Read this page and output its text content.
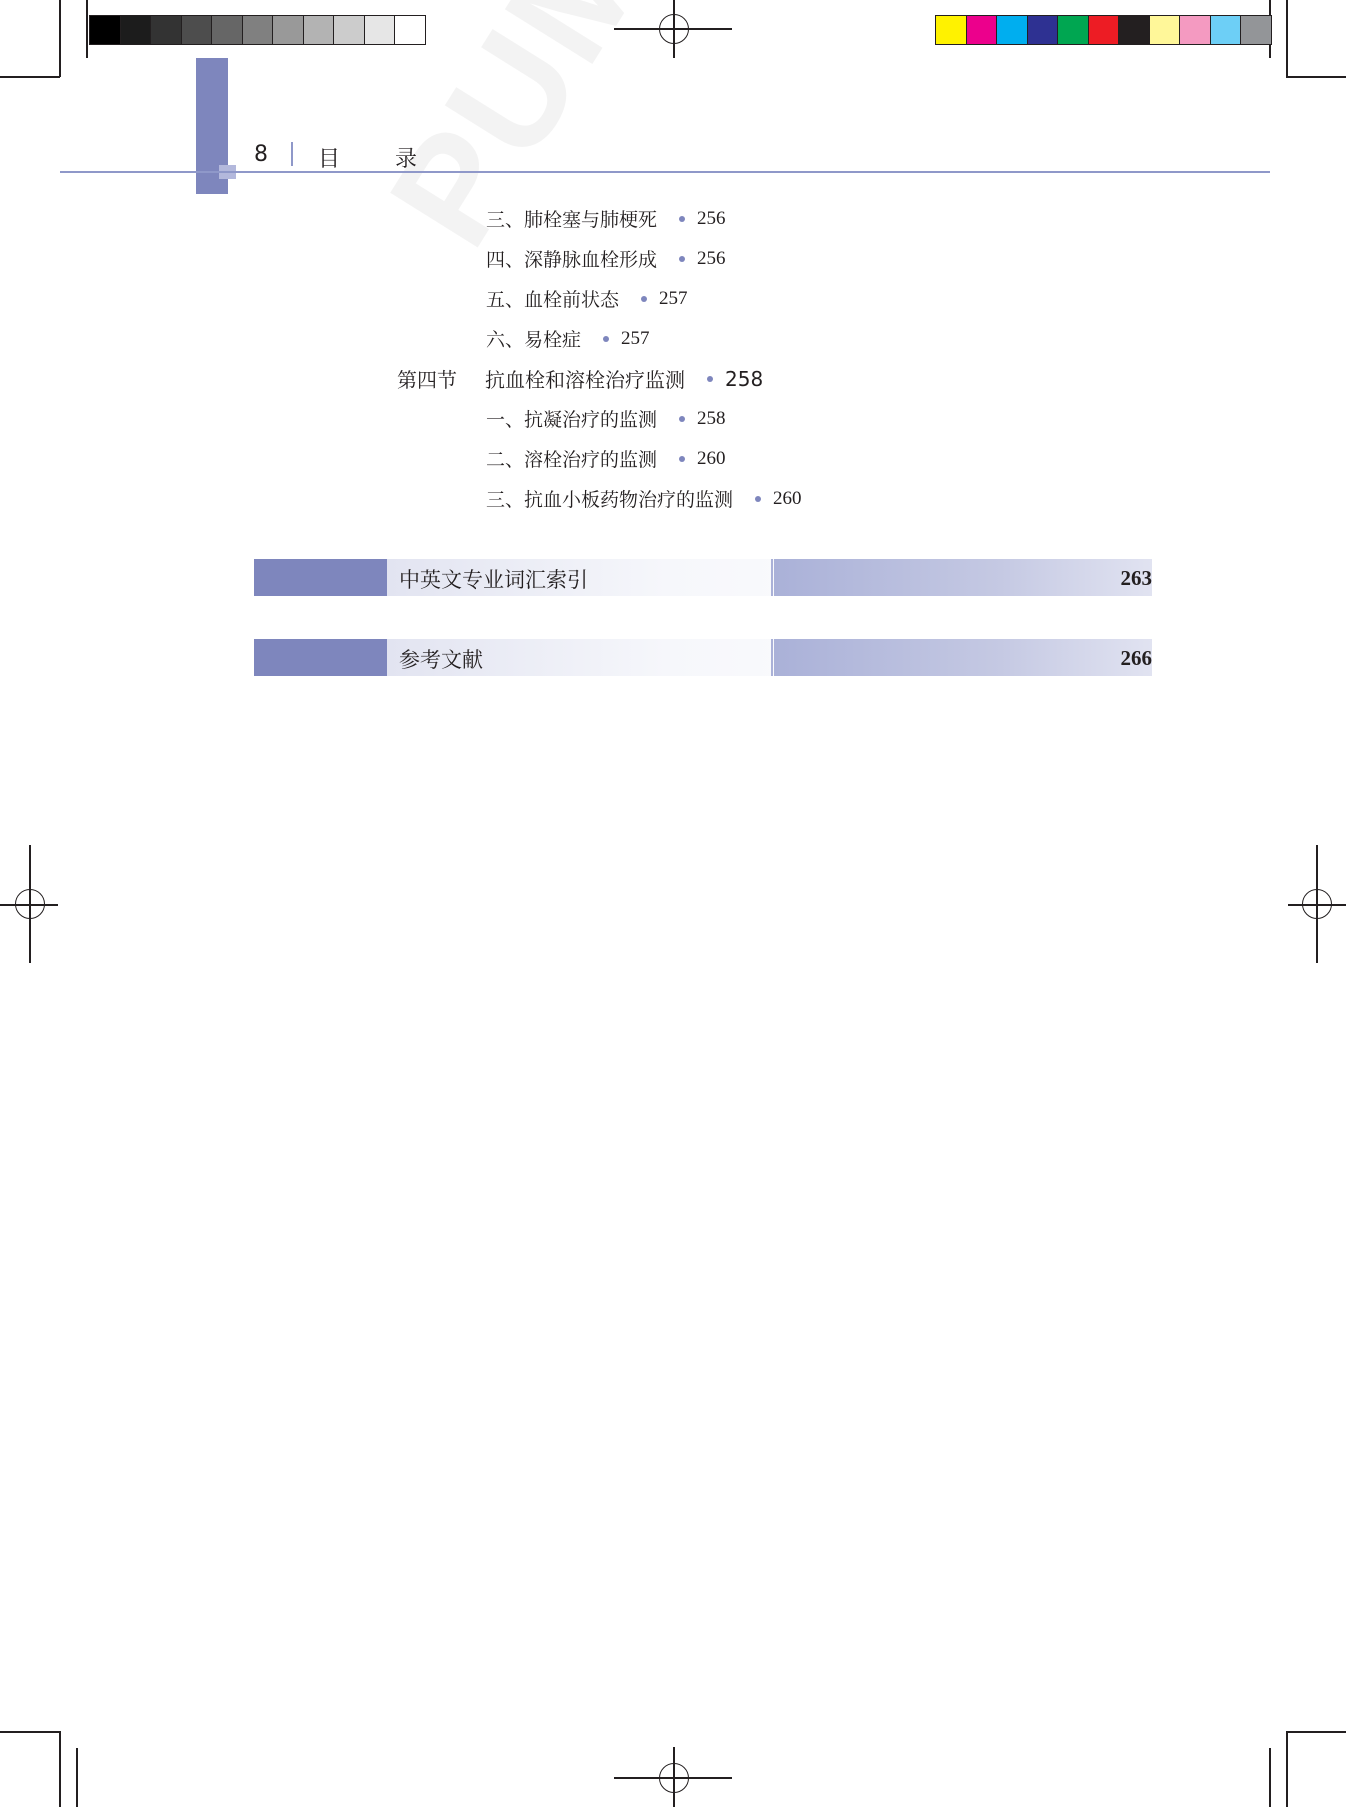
8 目 录
三、肺栓塞与肺梗死 256
四、深静脉血栓形成 256
五、血栓前状态 257
六、易栓症 257
第四节	抗血栓和溶栓治疗监测 258
一、抗凝治疗的监测 258
二、溶栓治疗的监测 260
三、抗血小板药物治疗的监测 260
中英文专业词汇索引	263
参考文献	266
